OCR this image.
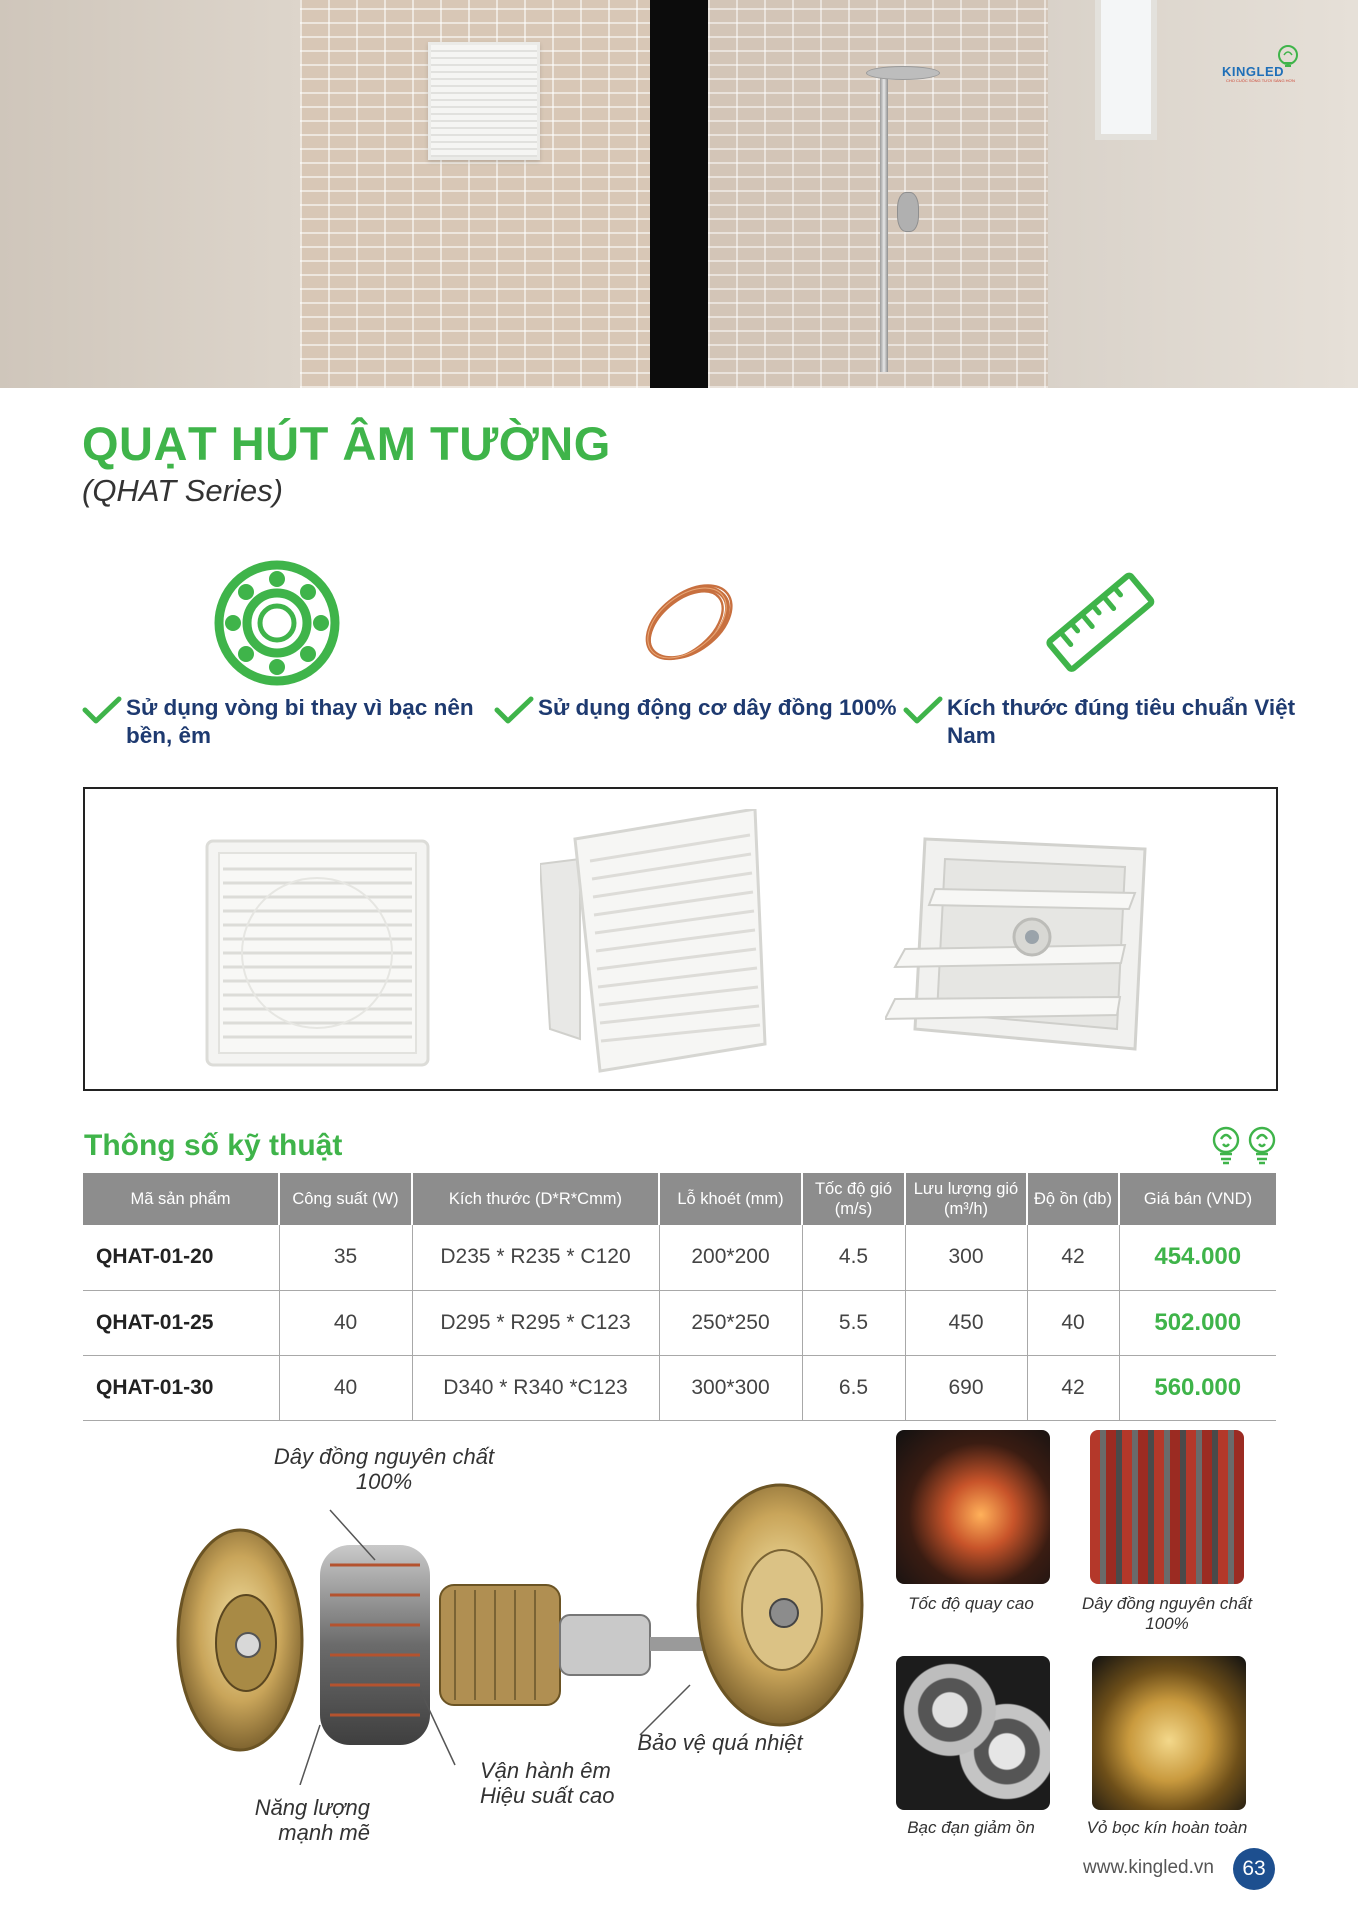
KINGLED
CHO CUỘC SỐNG TƯƠI SÁNG HƠN
QUẠT HÚT ÂM TƯỜNG
(QHAT Series)
Sử dụng vòng bi thay vì bạc nên bền, êm
Sử dụng động cơ dây đồng 100% Kích thước đúng tiêu chuẩn Việt Nam
Thông số kỹ thuật
Mã sản phẩm	Công suất (W)	Kích thước (D*R*Cmm)	Lỗ khoét (mm)	Tốc độ gió (m/s)	Lưu lượng gió (m³/h)	Độ ồn (db)	Giá bán (VND)
QHAT-01-20	35	D235 * R235 * C120	200*200	4.5	300	42	454.000
QHAT-01-25	40	D295 * R295 * C123	250*250	5.5	450	40	502.000
QHAT-01-30	40	D340 * R340 *C123	300*300	6.5	690	42	560.000
Dây đồng nguyên chất 100%
Bảo vệ quá nhiệt
Vận hành êm Hiệu suất cao
Năng lượng mạnh mẽ
Tốc độ quay cao	Dây đồng nguyên chất 100%
Bạc đạn giảm ồn	Vỏ bọc kín hoàn toàn
www.kingled.vn	63
